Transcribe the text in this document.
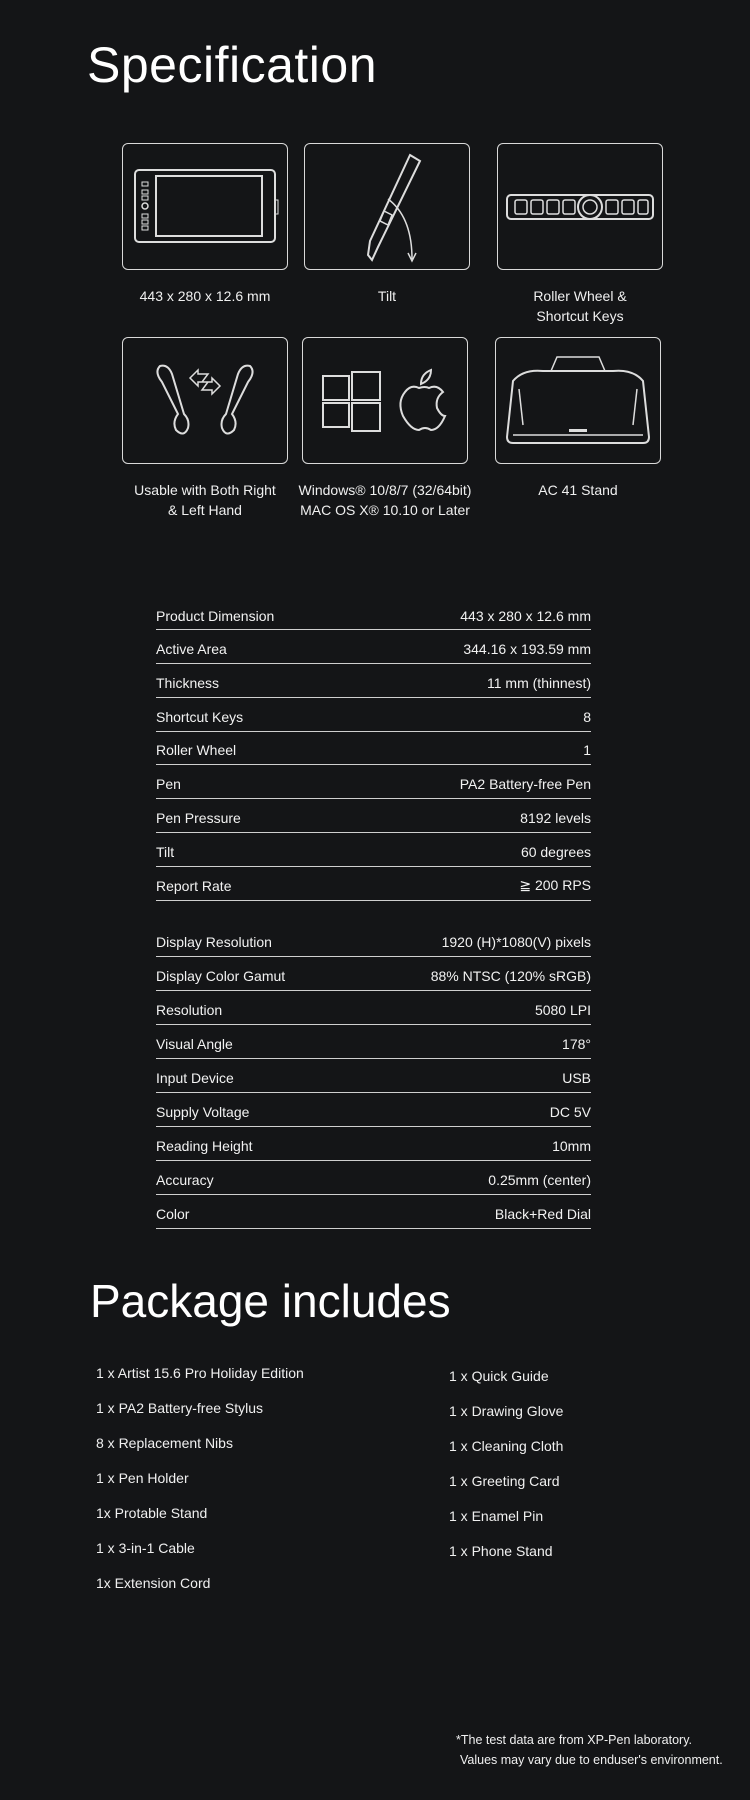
Specification
443 x 280 x 12.6 mm	Tilt	Roller Wheel &
Shortcut Keys
Usable with Both Right
& Left Hand
Windows® 10/8/7 (32/64bit)
MAC OS X® 10.10 or Later
AC 41 Stand
Product Dimension	443 x 280 x 12.6 mm
Active Area	344.16 x 193.59 mm
Thickness	11 mm (thinnest)
Shortcut Keys	8
Roller Wheel	1
Pen	PA2 Battery-free Pen
Pen Pressure	8192 levels
Tilt	60 degrees
Report Rate	≧ 200 RPS
Display Resolution	1920 (H)*1080(V) pixels
Display Color Gamut	88% NTSC (120% sRGB)
Resolution	5080 LPI
Visual Angle	178°
Input Device	USB
Supply Voltage	DC 5V
Reading Height	10mm
Accuracy	0.25mm (center)
Color	Black+Red Dial
Package includes
1 x Artist 15.6 Pro Holiday Edition
1 x PA2 Battery-free Stylus
8 x Replacement Nibs
1 x Pen Holder
1x Protable Stand
1 x 3-in-1 Cable
1x Extension Cord
1 x Quick Guide
1 x Drawing Glove
1 x Cleaning Cloth
1 x Greeting Card
1 x Enamel Pin
1 x Phone Stand
*The test data are from XP-Pen laboratory.
Values may vary due to enduser's environment.
